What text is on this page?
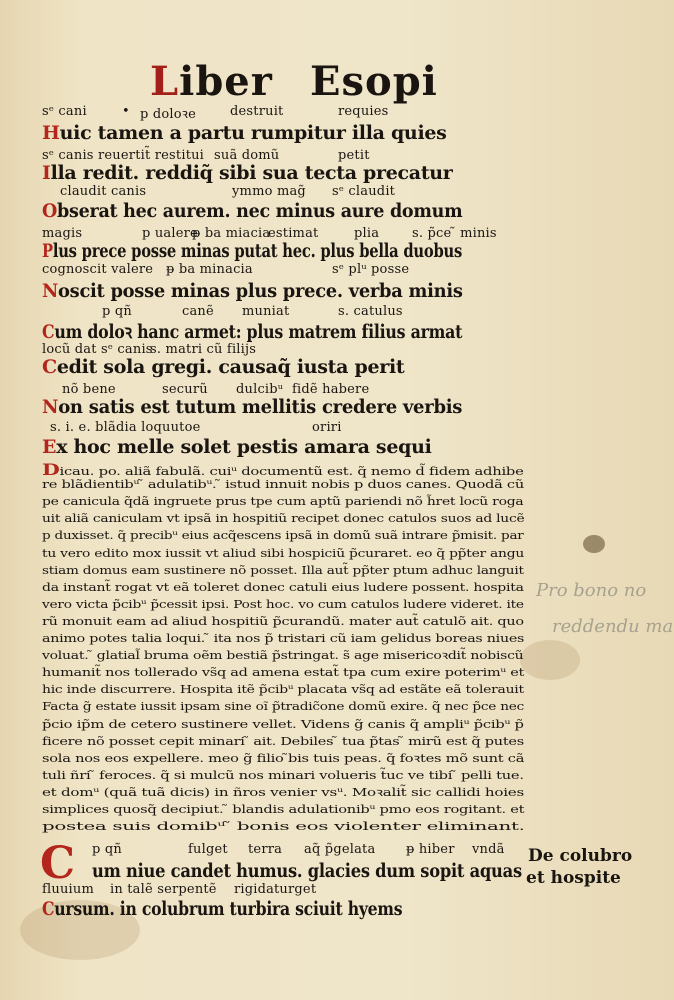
Liber Esopi
Pro bono no
reddendu ma
De colubro
et hospite
sᵉ cani	• p doloꝛe	destruit	requies
Huic tamen a partu rumpitur illa quies
sᵉ canis reuertit̃ restitui suã domũ	petit
Illa redit. reddiq̃ sibi sua tecta precatur
claudit canis	ymmo mag̃ sᵉ claudit
Obserat hec aurem. nec minus aure domum
magis	p ualere
p̶ ba miacia
estimat	plia	s. p̃ce ̃ minis
Plus prece posse minas putat hec. plus bella duobus
cognoscit valere p̶ ba minacia	sᵉ plᵘ posse
Noscit posse minas plus prece. verba minis
p qñ	canẽ muniat	s. catulus
Cum doloꝛ hanc armet: plus matrem filius armat
locũ dat sᵉ canis
s. matri cũ filijs
Cedit sola gregi. causaq̃ iusta perit
nõ bene	securũ dulcibᵘ fidẽ habere
Non satis est tutum mellitis credere verbis
s. i. e. blãdia loquutoe	oriri
Ex hoc melle solet pestis amara sequi
Dicau. po. aliã fabulã. cuiᵘ documentũ est. q̃ nemo d̃ fidem adhibe
re blãdientibᵘ ̃ adulatibᵘ. ̃ istud innuit nobis p duos canes. Quodã cũ
pe canicula q̃dã ingruete prus tpe cum aptũ pariendi nõ h̃ret locũ roga
uit aliã caniculam vt ipsã in hospitiũ recipet donec catulos suos ad lucẽ
p duxisset. q̃ precibᵘ eius acq̃escens ipsã in domũ suã intrare p̃misit. par
tu vero edito mox iussit vt aliud sibi hospiciũ p̃curaret. eo q̃ pp̃ter angu
stiam domus eam sustinere nõ posset. Illa aut̃ pp̃ter ptum adhuc languit
da instant̃ rogat vt eã toleret donec catuli eius ludere possent. hospita
vero victa p̃cibᵘ p̃cessit ipsi. Post hoc. vo cum catulos ludere videret. ite
rũ monuit eam ad aliud hospitiũ p̃curandũ. mater aut̃ catulõ ait. quo
animo potes talia loqui. ̃ ita nos p̃ tristari cũ iam gelidus boreas niues
voluat. ̃ glatial̃ bruma oẽm bestiã p̃stringat. s̃ age misericoꝛdit̃ nobiscũ
humanit̃ nos tollerado vs̃q ad amena estat̃ tpa cum exire poterimᵘ et
hic inde discurrere. Hospita itẽ p̃cibᵘ placata vs̃q ad estãte eã tolerauit
Facta g̃ estate iussit ipsam sine oĩ p̃tradic̃one domũ exire. q̃ nec p̃ce nec
p̃cio ip̃m de cetero sustinere vellet. Videns g̃ canis q̃ ampliᵘ p̃cibᵘ p̃
ficere nõ posset cepit minari ̃ ait. Debiles ̃ tua p̃tas ̃ mirũ est q̃ putes
sola nos eos expellere. meo g̃ filio ̃bis tuis peas. q̃ foꝛtes mõ sunt cã
tuli ñri ̃ feroces. q̃ si mulcũ nos minari volueris t̃uc ve tibi ̃ pelli tue.
et domᵘ (quã tuã dicis) in ñros venier vsᵘ. Moꝛalit̃ sic callidi hoies
simplices quosq̃ decipiut. ̃ blandis adulationibᵘ pmo eos rogitant. et
postea suis domibᵘ ̃ bonis eos violenter eliminant.
C p qñ	fulget terra aq̃ p̃gelata p̶ hiber vndã
um niue candet humus. glacies dum sopit aquas
fluuium in talẽ serpentẽ rigida turget
Cursum. in colubrum turbira sciuit hyems
